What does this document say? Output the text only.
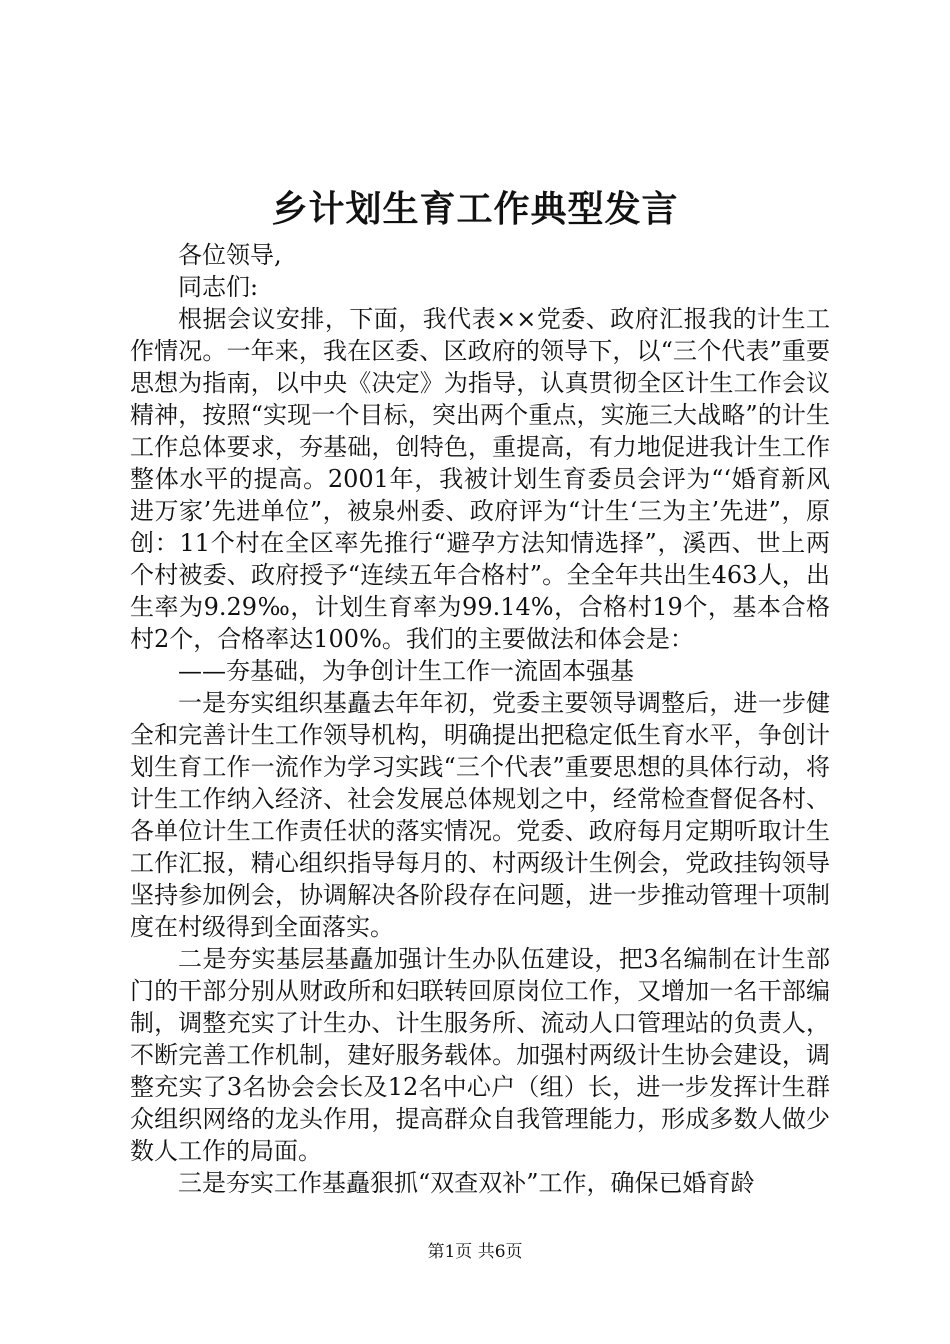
乡计划生育工作典型发言

各位领导,

同志们:

根据会议安排，下面，我代表××党委、政府汇报我的计生工作情况。一年来，我在区委、区政府的领导下，以“三个代表”重要思想为指南，以中央《决定》为指导，认真贯彻全区计生工作会议精神，按照“实现一个目标，突出两个重点，实施三大战略”的计生工作总体要求，夯基础，创特色，重提高，有力地促进我计生工作整体水平的提高。2001年，我被计划生育委员会评为“‘婚育新风进万家’先进单位”，被泉州委、政府评为“计生‘三为主’先进”，原创：11个村在全区率先推行“避孕方法知情选择”，溪西、世上两个村被委、政府授予“连续五年合格村”。全全年共出生463人，出生率为9.29‰，计划生育率为99.14%，合格村19个，基本合格村2个，合格率达100%。我们的主要做法和体会是：

——夯基础，为争创计生工作一流固本强基

一是夯实组织基矗去年年初，党委主要领导调整后，进一步健全和完善计生工作领导机构，明确提出把稳定低生育水平，争创计划生育工作一流作为学习实践“三个代表”重要思想的具体行动，将计生工作纳入经济、社会发展总体规划之中，经常检查督促各村、各单位计生工作责任状的落实情况。党委、政府每月定期听取计生工作汇报，精心组织指导每月的、村两级计生例会，党政挂钩领导坚持参加例会，协调解决各阶段存在问题，进一步推动管理十项制度在村级得到全面落实。

二是夯实基层基矗加强计生办队伍建设，把3名编制在计生部门的干部分别从财政所和妇联转回原岗位工作，又增加一名干部编制，调整充实了计生办、计生服务所、流动人口管理站的负责人，不断完善工作机制，建好服务载体。加强村两级计生协会建设，调整充实了3名协会会长及12名中心户（组）长，进一步发挥计生群众组织网络的龙头作用，提高群众自我管理能力，形成多数人做少数人工作的局面。

三是夯实工作基矗狠抓“双查双补”工作，确保已婚育龄

第1页 共6页
